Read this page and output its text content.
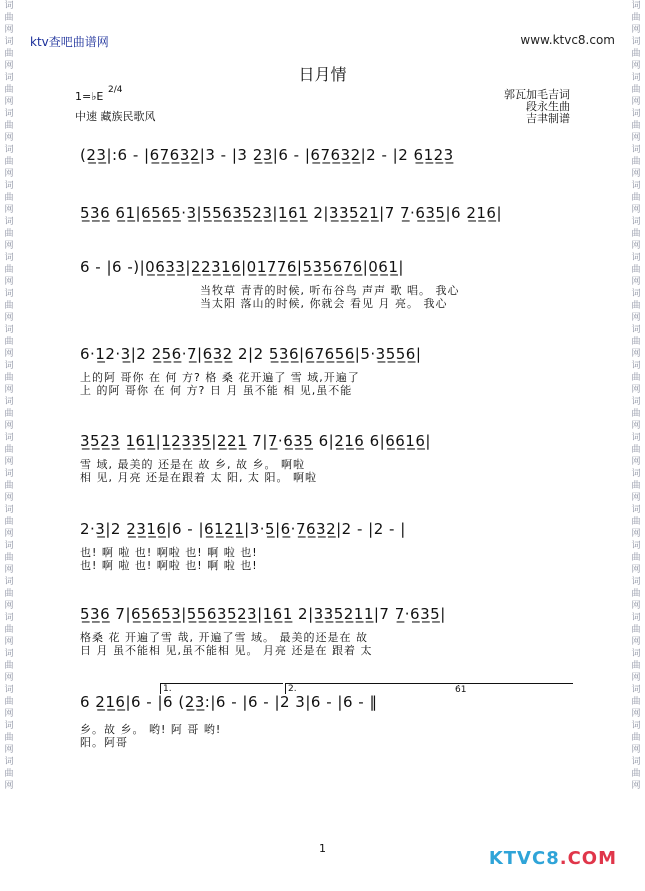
词
曲
网
词
曲
网
词
曲
网
词
曲
网
词
曲
网
词
曲
网
词
曲
网
词
曲
网
词
曲
网
词
曲
网
词
曲
网
词
曲
网
词
曲
网
词
曲
网
词
曲
网
词
曲
网
词
曲
网
词
曲
网
词
曲
网
词
曲
网
词
曲
网
词
曲
网
词
曲
网
词
曲
网
词
曲
网
词
曲
网
词
曲
网
词
曲
网
词
曲
网
词
曲
网
词
曲
网
词
曲
网
词
曲
网
词
曲
网
词
曲
网
词
曲
网
词
曲
网
词
曲
网
词
曲
网
词
曲
网
词
曲
网
词
曲
网
词
曲
网
词
曲
网
ktv查吧曲谱网	www.ktvc8.com
日月情
1=♭E 2/4
中速 藏族民歌风
郭瓦加毛吉词
段永生曲
吉聿制谱
(2̲3̲|:6 - |6̲7̲6̲3̲2̲|3 - |3 2̲3̲|6 - |6̲7̲6̲3̲2̲|2 - |2 6̲1̲2̲3̲
5̲3̲6̲ 6̲1̲|6̲5̲6̲5̲·3̲|5̲5̲6̲3̲5̲2̲3̲|1̲6̲1̲ 2|3̲3̲5̲2̲1̲|7 7̲·6̲3̲5̲|6 2̲1̲6̲|
6 - |6 -)|0̲6̲3̲3̲|2̲2̲3̲1̲6̲|0̲1̲7̲7̲6̲|5̲3̲5̲6̲7̲6̲|0̲6̲1̲|
当牧草 青青的时候, 听布谷鸟 声声 歌 唱。 我心
当太阳 落山的时候, 你就会 看见 月 亮。 我心
6·1̲2·3̲|2 2̲5̲6̲·7̲|6̲3̲2̲ 2|2 5̲3̲6̲|6̲7̲6̲5̲6̲|5·3̲5̲5̲6̲|
上的阿 哥你 在 何 方? 格 桑 花开遍了 雪 域,开遍了
上 的阿 哥你 在 何 方? 日 月 虽不能 相 见,虽不能
3̲5̲2̲3̲ 1̲6̲1̲|1̲2̲3̲3̲5̲|2̲2̲1̲ 7|7̲·6̲3̲5̲ 6|2̲1̲6̲ 6|6̲6̲1̲6̲|
雪 域, 最美的 还是在 故 乡, 故 乡。 啊啦
相 见, 月亮 还是在跟着 太 阳, 太 阳。 啊啦
2·3̲|2 2̲3̲1̲6̲|6 - |6̲1̲2̲1̲|3·5̲|6̲·7̲6̲3̲2̲|2 - |2 - |
也! 啊 啦 也! 啊啦 也! 啊 啦 也!
也! 啊 啦 也! 啊啦 也! 啊 啦 也!
5̲3̲6̲ 7|6̲5̲6̲5̲3̲|5̲5̲6̲3̲5̲2̲3̲|1̲6̲1̲ 2|3̲3̲5̲2̲1̲1̲|7 7̲·6̲3̲5̲|
格桑 花 开遍了雪 哉, 开遍了雪 域。 最美的还是在 故
日 月 虽不能相 见,虽不能相 见。 月亮 还是在 跟着 太
1.	2.	6̇1
6 2̲1̲6̲|6 - |6 (2̲3̲:|6 - |6 - |2 3|6 - |6 - ‖
乡。故 乡。 哟! 阿 哥 哟!
阳。阿哥
1	KTVC8.COM
